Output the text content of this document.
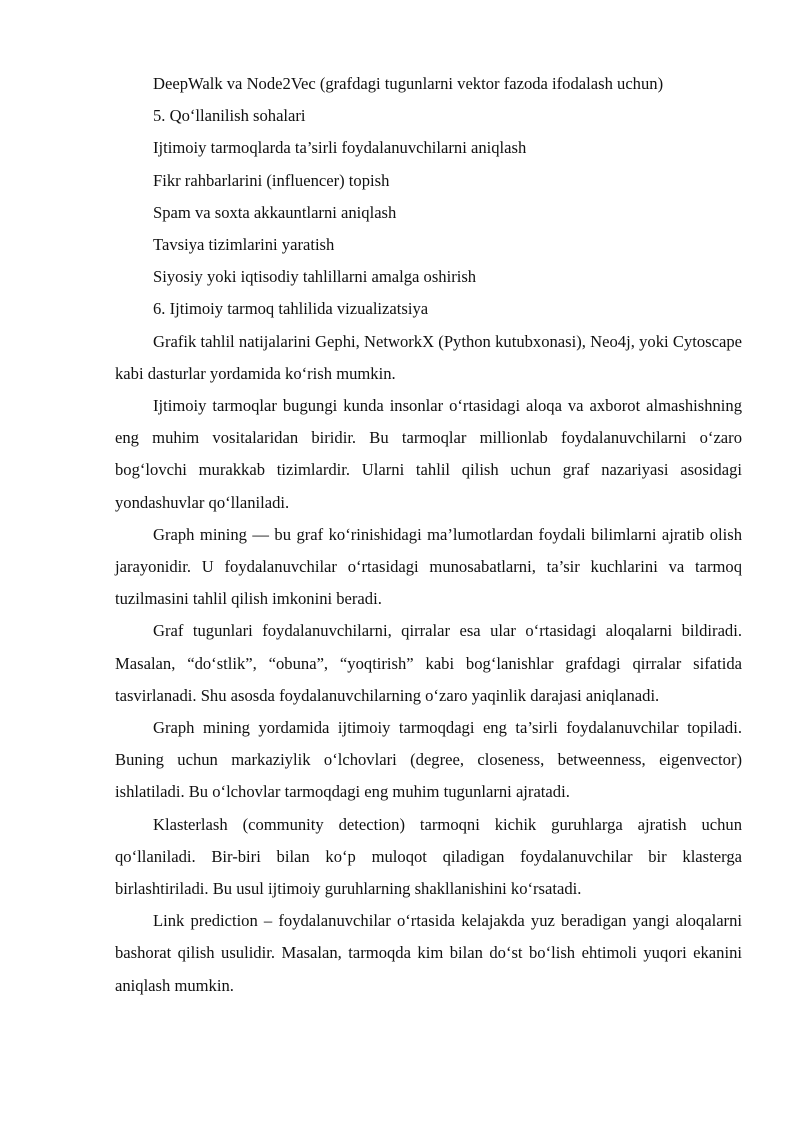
DeepWalk va Node2Vec (grafdagi tugunlarni vektor fazoda ifodalash uchun)

5. Qo‘llanilish sohalari

Ijtimoiy tarmoqlarda ta’sirli foydalanuvchilarni aniqlash

Fikr rahbarlarini (influencer) topish

Spam va soxta akkauntlarni aniqlash

Tavsiya tizimlarini yaratish

Siyosiy yoki iqtisodiy tahlillarni amalga oshirish

6. Ijtimoiy tarmoq tahlilida vizualizatsiya

Grafik tahlil natijalarini Gephi, NetworkX (Python kutubxonasi), Neo4j, yoki Cytoscape kabi dasturlar yordamida ko‘rish mumkin.

Ijtimoiy tarmoqlar bugungi kunda insonlar o‘rtasidagi aloqa va axborot almashishning eng muhim vositalaridan biridir. Bu tarmoqlar millionlab foydalanuvchilarni o‘zaro bog‘lovchi murakkab tizimlardir. Ularni tahlil qilish uchun graf nazariyasi asosidagi yondashuvlar qo‘llaniladi.

Graph mining — bu graf ko‘rinishidagi ma’lumotlardan foydali bilimlarni ajratib olish jarayonidir. U foydalanuvchilar o‘rtasidagi munosabatlarni, ta’sir kuchlarini va tarmoq tuzilmasini tahlil qilish imkonini beradi.

Graf tugunlari foydalanuvchilarni, qirralar esa ular o‘rtasidagi aloqalarni bildiradi. Masalan, “do‘stlik”, “obuna”, “yoqtirish” kabi bog‘lanishlar grafdagi qirralar sifatida tasvirlanadi. Shu asosda foydalanuvchilarning o‘zaro yaqinlik darajasi aniqlanadi.

Graph mining yordamida ijtimoiy tarmoqdagi eng ta’sirli foydalanuvchilar topiladi. Buning uchun markaziylik o‘lchovlari (degree, closeness, betweenness, eigenvector) ishlatiladi. Bu o‘lchovlar tarmoqdagi eng muhim tugunlarni ajratadi.

Klasterlash (community detection) tarmoqni kichik guruhlarga ajratish uchun qo‘llaniladi. Bir-biri bilan ko‘p muloqot qiladigan foydalanuvchilar bir klasterga birlashtiriladi. Bu usul ijtimoiy guruhlarning shakllanishini ko‘rsatadi.

Link prediction – foydalanuvchilar o‘rtasida kelajakda yuz beradigan yangi aloqalarni bashorat qilish usulidir. Masalan, tarmoqda kim bilan do‘st bo‘lish ehtimoli yuqori ekanini aniqlash mumkin.
